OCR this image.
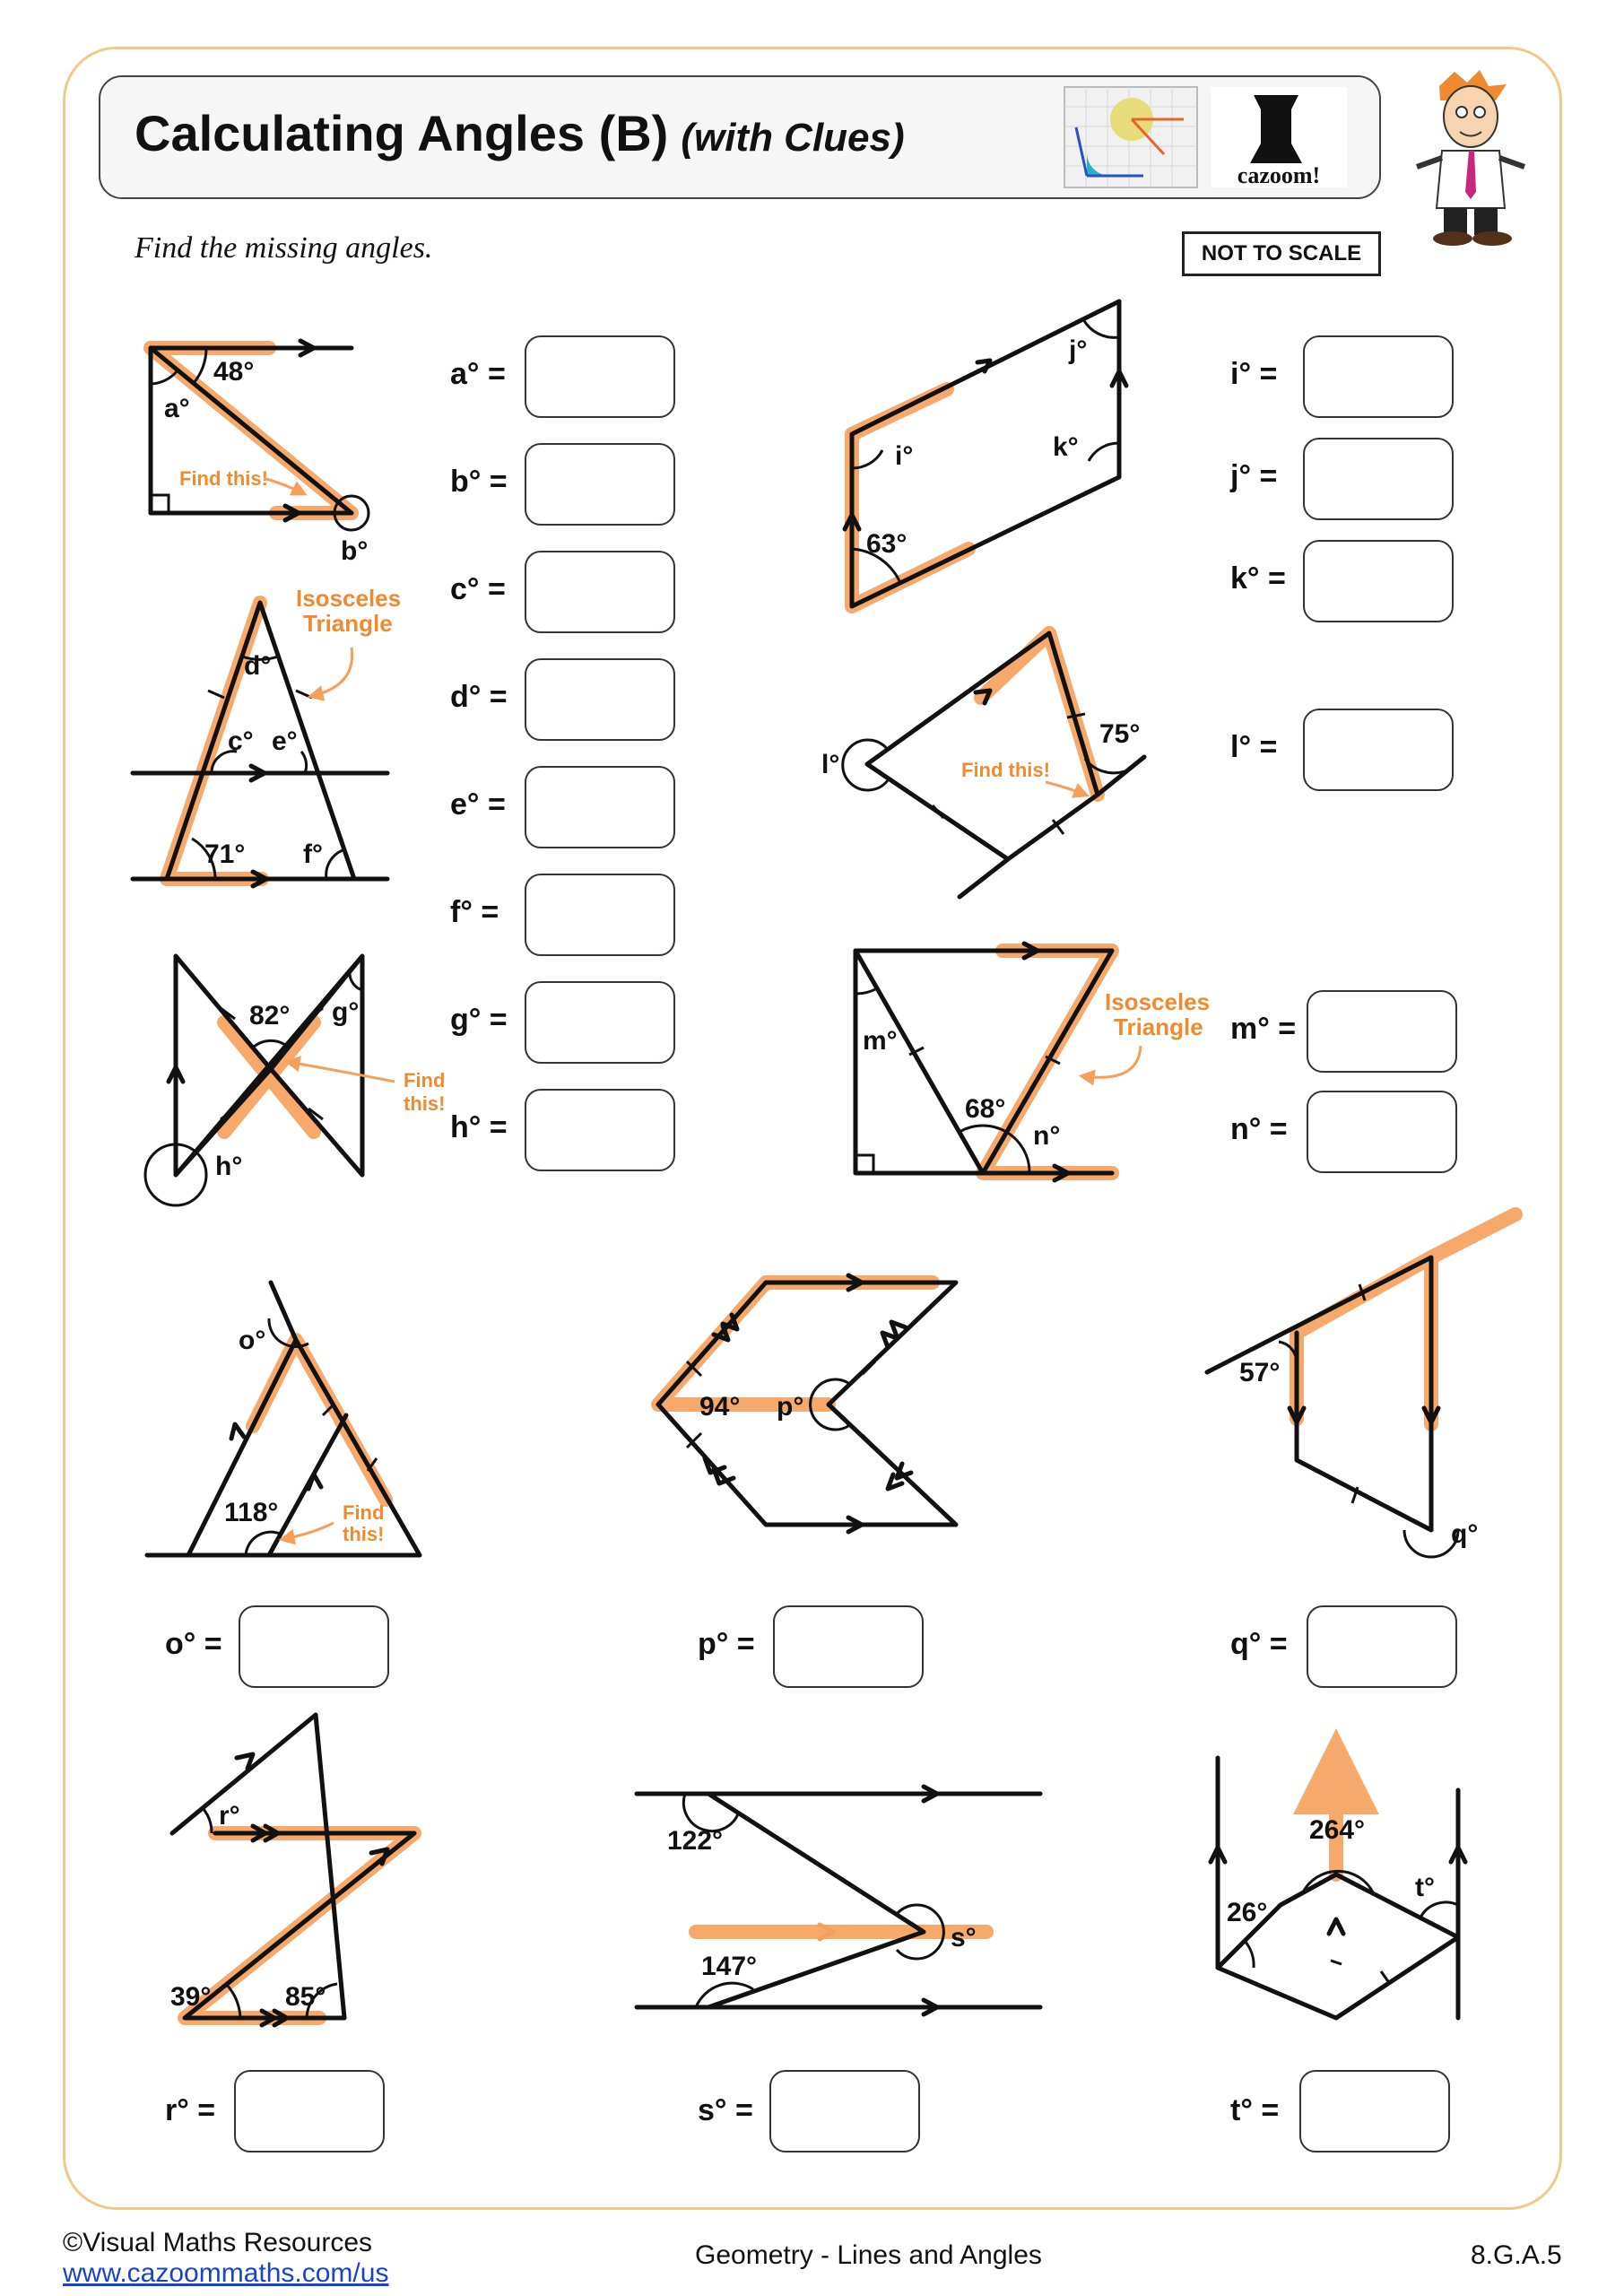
Calculating Angles (B) (with Clues)
cazoom!
Find the missing angles.	NOT TO SCALE
a° =
b° =
c° =
d° =
e° =
f° =
g° =
h° =
i° =
j° =
k° =
l° =
m° =
n° =
o° =	p° =	q° =
r° =	s° =	t° =
48°
a°
b°
Find this!
d°
c° e°
71° f°
Isosceles
Triangle
82° g°
h°
Find
this!
i°
j°
k°
63°
75°
l°	Find this!
m°
68°
n°
Isosceles
Triangle
o°
118°	Find
this!
94° p°
57°
q°
r°
39°	85°
122°
147°
s°
264°
26°
t°
©Visual Maths Resources
www.cazoommaths.com/us
Geometry - Lines and Angles	8.G.A.5
